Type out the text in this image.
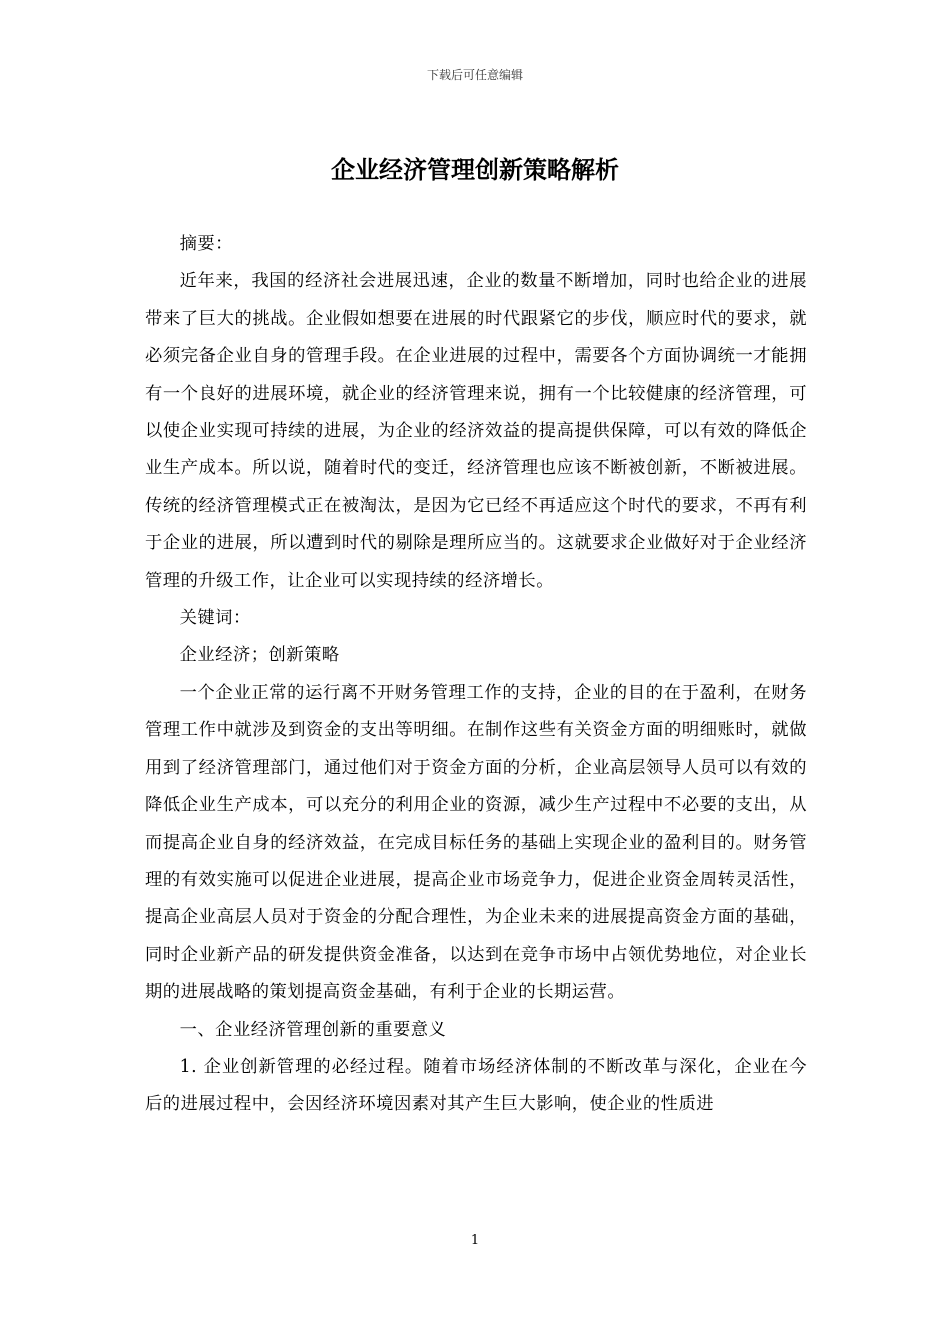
下载后可任意编辑
企业经济管理创新策略解析

摘要：

近年来，我国的经济社会进展迅速，企业的数量不断增加，同时也给企业的进展带来了巨大的挑战。企业假如想要在进展的时代跟紧它的步伐，顺应时代的要求，就必须完备企业自身的管理手段。在企业进展的过程中，需要各个方面协调统一才能拥有一个良好的进展环境，就企业的经济管理来说，拥有一个比较健康的经济管理，可以使企业实现可持续的进展，为企业的经济效益的提高提供保障，可以有效的降低企业生产成本。所以说，随着时代的变迁，经济管理也应该不断被创新，不断被进展。传统的经济管理模式正在被淘汰，是因为它已经不再适应这个时代的要求，不再有利于企业的进展，所以遭到时代的剔除是理所应当的。这就要求企业做好对于企业经济管理的升级工作，让企业可以实现持续的经济增长。

关键词：

企业经济；创新策略

一个企业正常的运行离不开财务管理工作的支持，企业的目的在于盈利，在财务管理工作中就涉及到资金的支出等明细。在制作这些有关资金方面的明细账时，就做用到了经济管理部门，通过他们对于资金方面的分析，企业高层领导人员可以有效的降低企业生产成本，可以充分的利用企业的资源，减少生产过程中不必要的支出，从而提高企业自身的经济效益，在完成目标任务的基础上实现企业的盈利目的。财务管理的有效实施可以促进企业进展，提高企业市场竞争力，促进企业资金周转灵活性，提高企业高层人员对于资金的分配合理性，为企业未来的进展提高资金方面的基础，同时企业新产品的研发提供资金准备，以达到在竞争市场中占领优势地位，对企业长期的进展战略的策划提高资金基础，有利于企业的长期运营。

一、企业经济管理创新的重要意义

1. 企业创新管理的必经过程。随着市场经济体制的不断改革与深化，企业在今后的进展过程中，会因经济环境因素对其产生巨大影响，使企业的性质进

1
